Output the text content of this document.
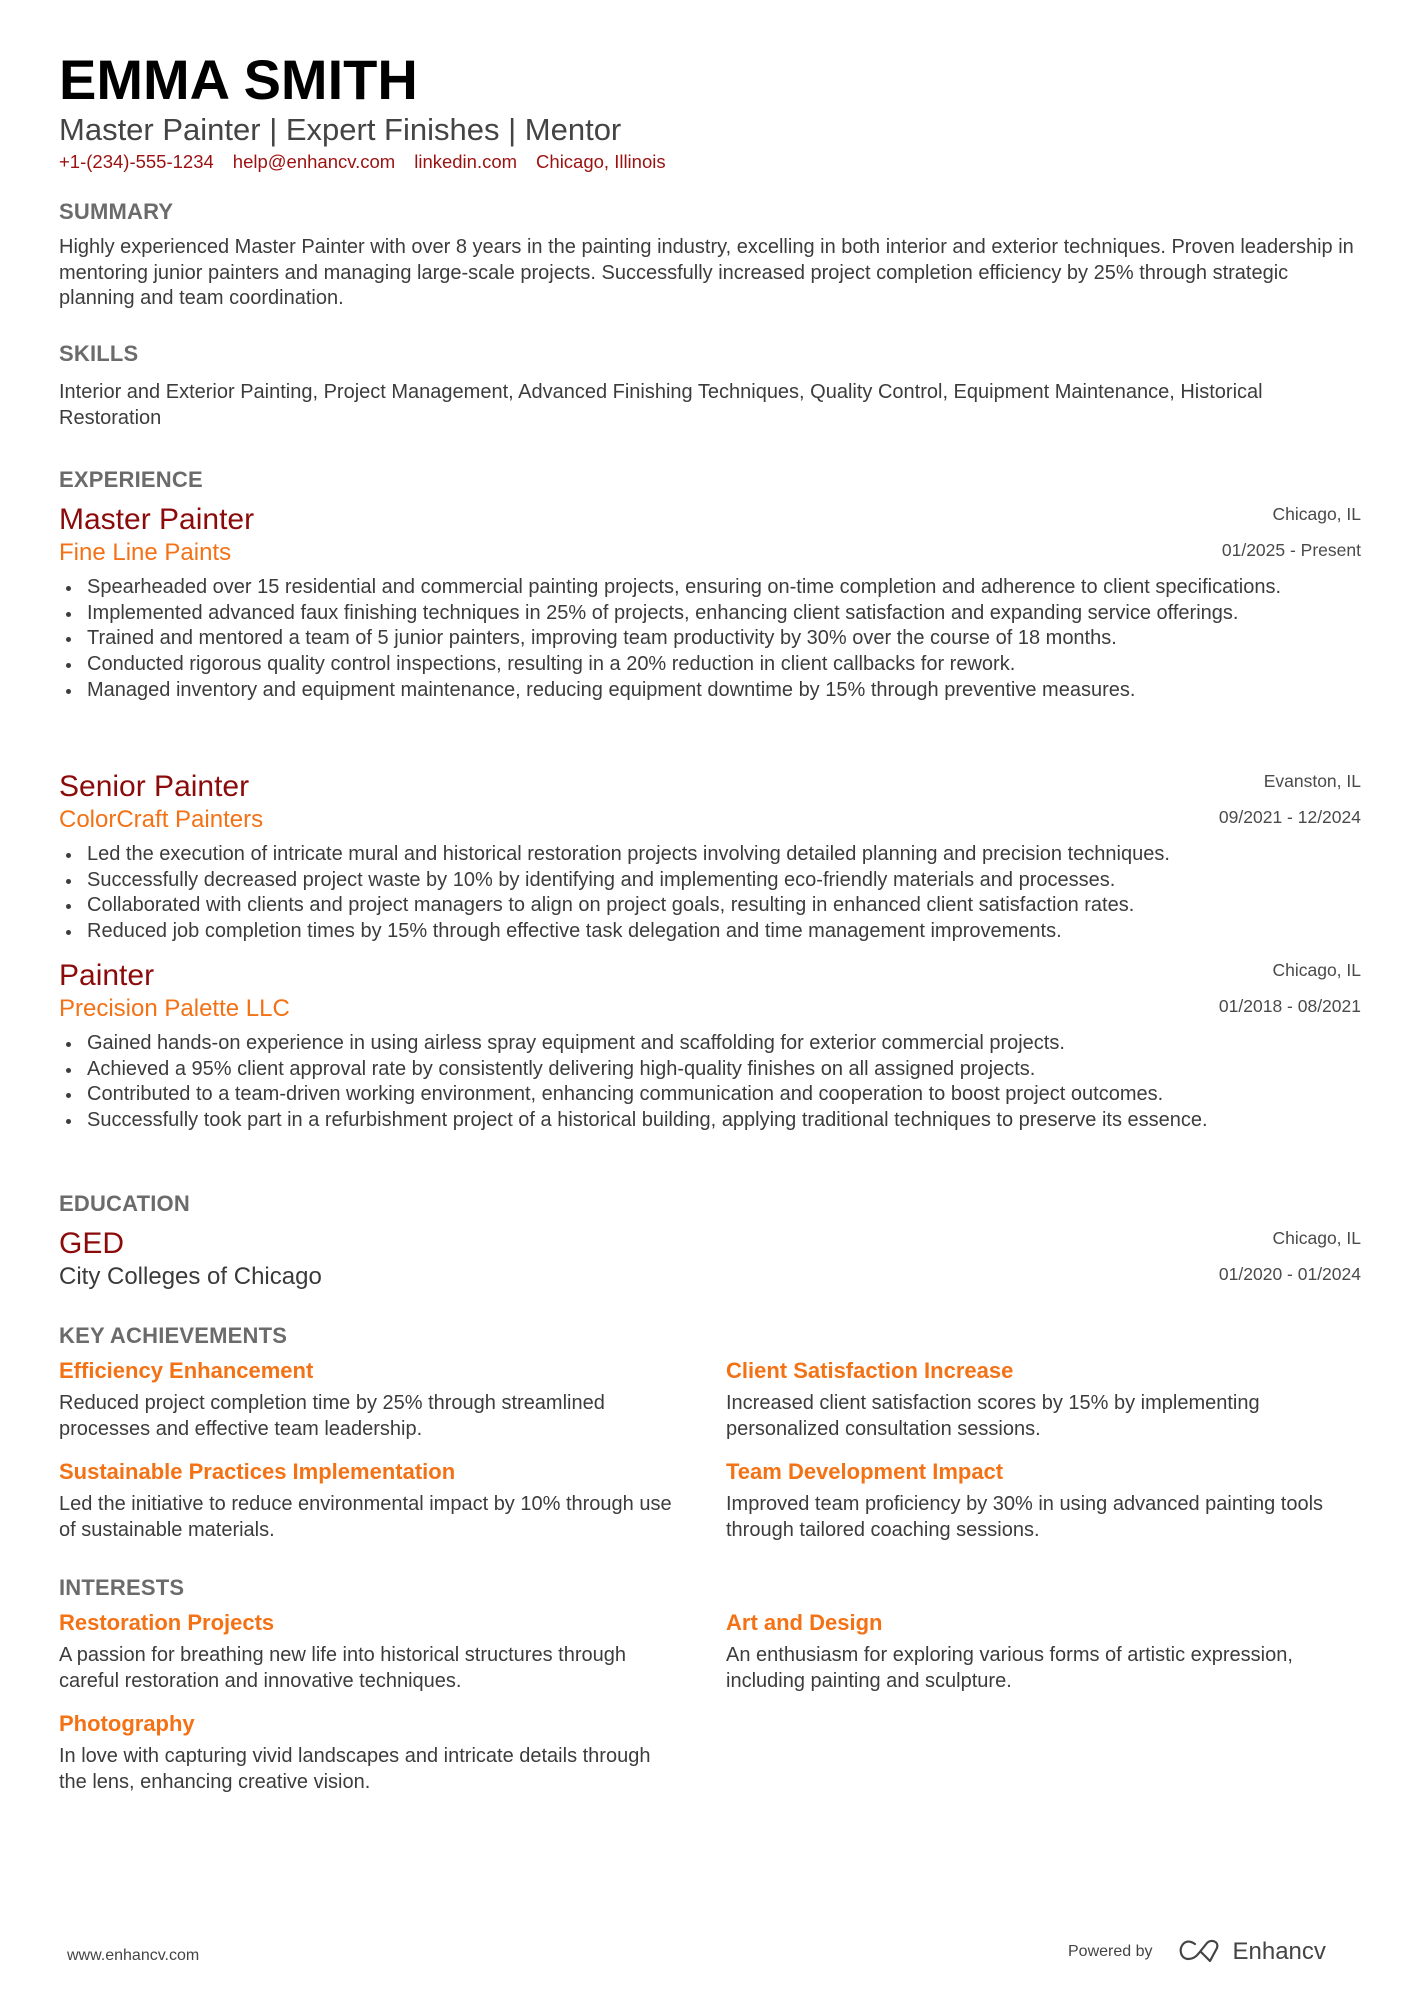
EMMA SMITH
Master Painter | Expert Finishes | Mentor
+1-(234)-555-1234 help@enhancv.com linkedin.com Chicago, Illinois
SUMMARY
Highly experienced Master Painter with over 8 years in the painting industry, excelling in both interior and exterior techniques. Proven leadership in mentoring junior painters and managing large-scale projects. Successfully increased project completion efficiency by 25% through strategic planning and team coordination.
SKILLS
Interior and Exterior Painting, Project Management, Advanced Finishing Techniques, Quality Control, Equipment Maintenance, Historical Restoration
EXPERIENCE
Master Painter	Chicago, IL
Fine Line Paints	01/2025 - Present
Spearheaded over 15 residential and commercial painting projects, ensuring on-time completion and adherence to client specifications.
Implemented advanced faux finishing techniques in 25% of projects, enhancing client satisfaction and expanding service offerings.
Trained and mentored a team of 5 junior painters, improving team productivity by 30% over the course of 18 months.
Conducted rigorous quality control inspections, resulting in a 20% reduction in client callbacks for rework.
Managed inventory and equipment maintenance, reducing equipment downtime by 15% through preventive measures.
Senior Painter	Evanston, IL
ColorCraft Painters	09/2021 - 12/2024
Led the execution of intricate mural and historical restoration projects involving detailed planning and precision techniques.
Successfully decreased project waste by 10% by identifying and implementing eco-friendly materials and processes.
Collaborated with clients and project managers to align on project goals, resulting in enhanced client satisfaction rates.
Reduced job completion times by 15% through effective task delegation and time management improvements.
Painter	Chicago, IL
Precision Palette LLC	01/2018 - 08/2021
Gained hands-on experience in using airless spray equipment and scaffolding for exterior commercial projects.
Achieved a 95% client approval rate by consistently delivering high-quality finishes on all assigned projects.
Contributed to a team-driven working environment, enhancing communication and cooperation to boost project outcomes.
Successfully took part in a refurbishment project of a historical building, applying traditional techniques to preserve its essence.
EDUCATION
GED	Chicago, IL
City Colleges of Chicago	01/2020 - 01/2024
KEY ACHIEVEMENTS
Efficiency Enhancement
Reduced project completion time by 25% through streamlined processes and effective team leadership.
Client Satisfaction Increase
Increased client satisfaction scores by 15% by implementing personalized consultation sessions.
Sustainable Practices Implementation
Led the initiative to reduce environmental impact by 10% through use of sustainable materials.
Team Development Impact
Improved team proficiency by 30% in using advanced painting tools through tailored coaching sessions.
INTERESTS
Restoration Projects
A passion for breathing new life into historical structures through careful restoration and innovative techniques.
Art and Design
An enthusiasm for exploring various forms of artistic expression, including painting and sculpture.
Photography
In love with capturing vivid landscapes and intricate details through the lens, enhancing creative vision.
www.enhancv.com	Powered by	Enhancv
